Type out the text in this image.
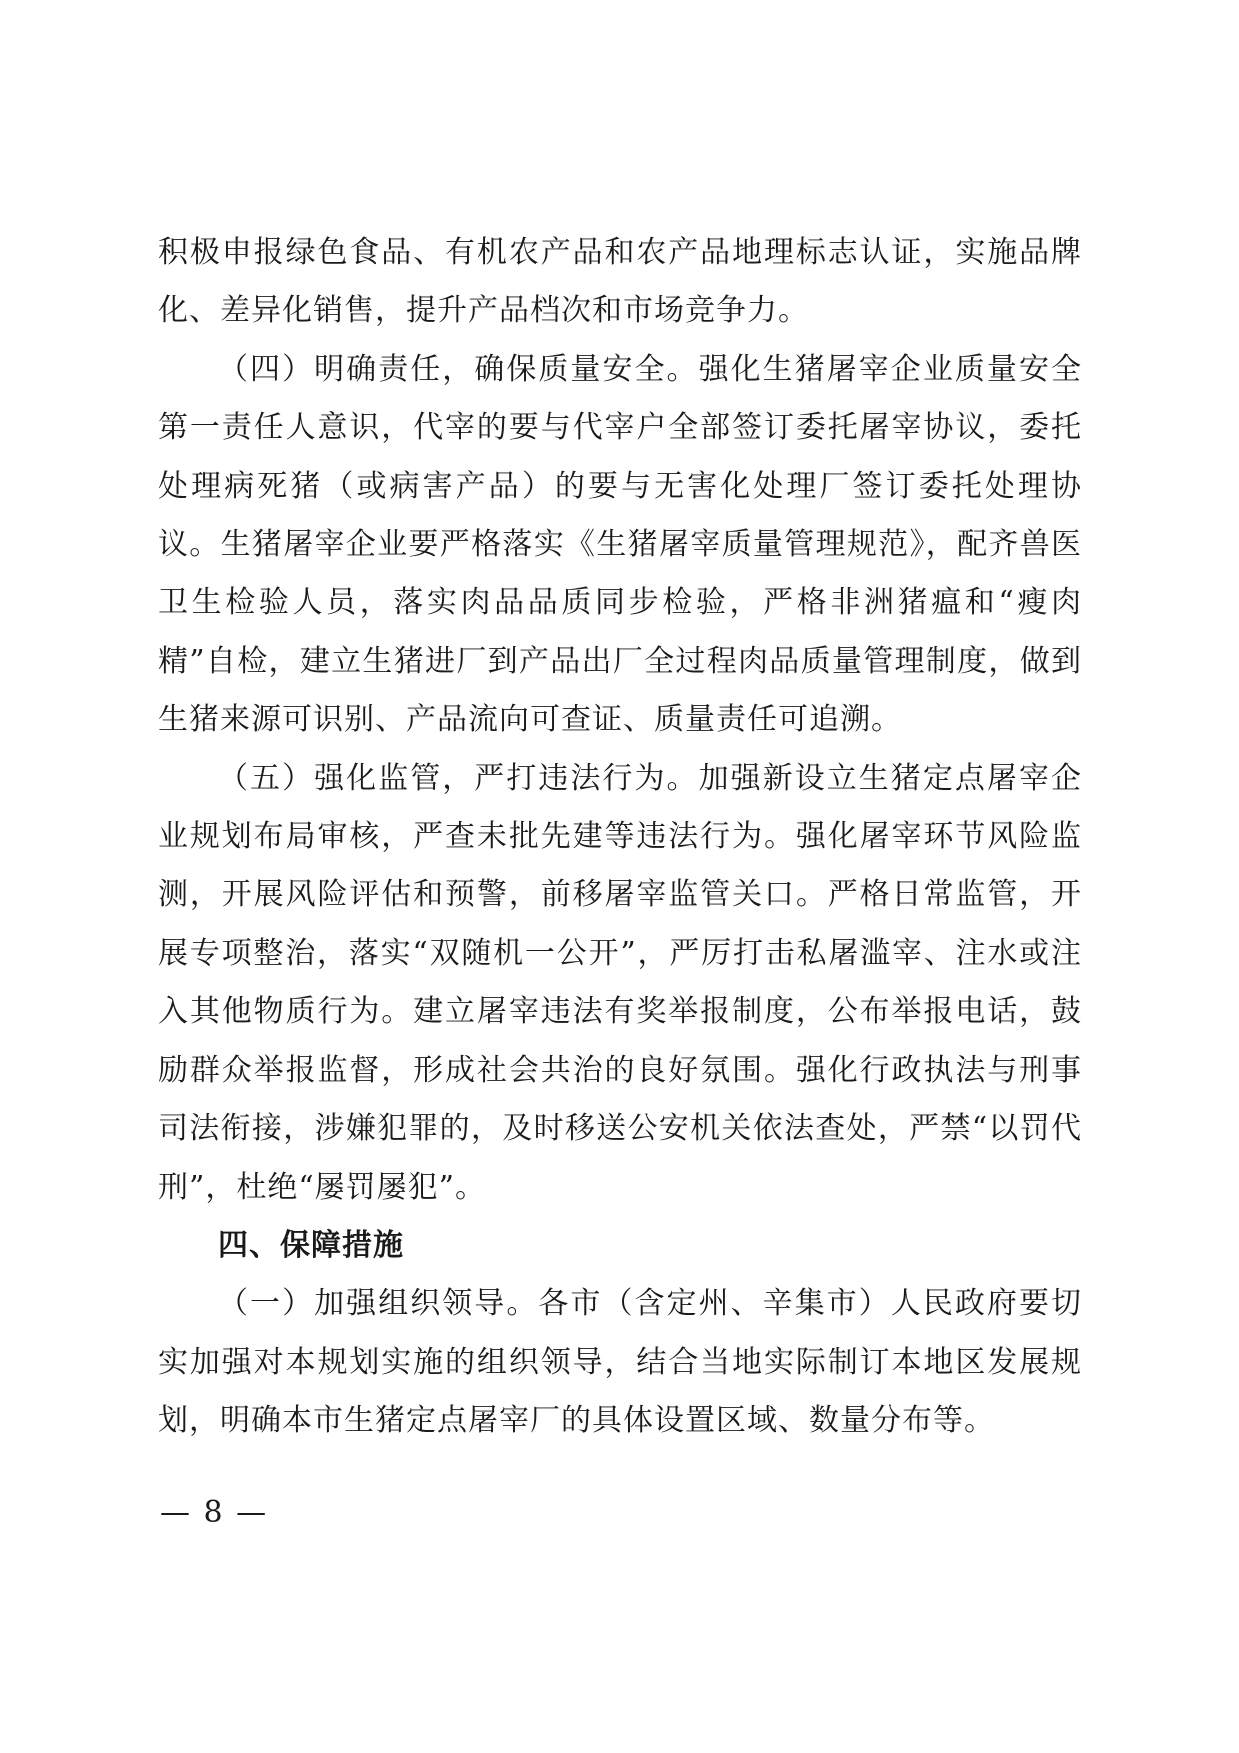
积极申报绿色食品、有机农产品和农产品地理标志认证，实施品牌化、差异化销售，提升产品档次和市场竞争力。

（四）明确责任，确保质量安全。强化生猪屠宰企业质量安全第一责任人意识，代宰的要与代宰户全部签订委托屠宰协议，委托处理病死猪（或病害产品）的要与无害化处理厂签订委托处理协议。生猪屠宰企业要严格落实《生猪屠宰质量管理规范》，配齐兽医卫生检验人员，落实肉品品质同步检验，严格非洲猪瘟和“瘦肉精”自检，建立生猪进厂到产品出厂全过程肉品质量管理制度，做到生猪来源可识别、产品流向可查证、质量责任可追溯。

（五）强化监管，严打违法行为。加强新设立生猪定点屠宰企业规划布局审核，严查未批先建等违法行为。强化屠宰环节风险监测，开展风险评估和预警，前移屠宰监管关口。严格日常监管，开展专项整治，落实“双随机一公开”，严厉打击私屠滥宰、注水或注入其他物质行为。建立屠宰违法有奖举报制度，公布举报电话，鼓励群众举报监督，形成社会共治的良好氛围。强化行政执法与刑事司法衔接，涉嫌犯罪的，及时移送公安机关依法查处，严禁“以罚代刑”，杜绝“屡罚屡犯”。

四、保障措施

（一）加强组织领导。各市（含定州、辛集市）人民政府要切实加强对本规划实施的组织领导，结合当地实际制订本地区发展规划，明确本市生猪定点屠宰厂的具体设置区域、数量分布等。

— 8 —
